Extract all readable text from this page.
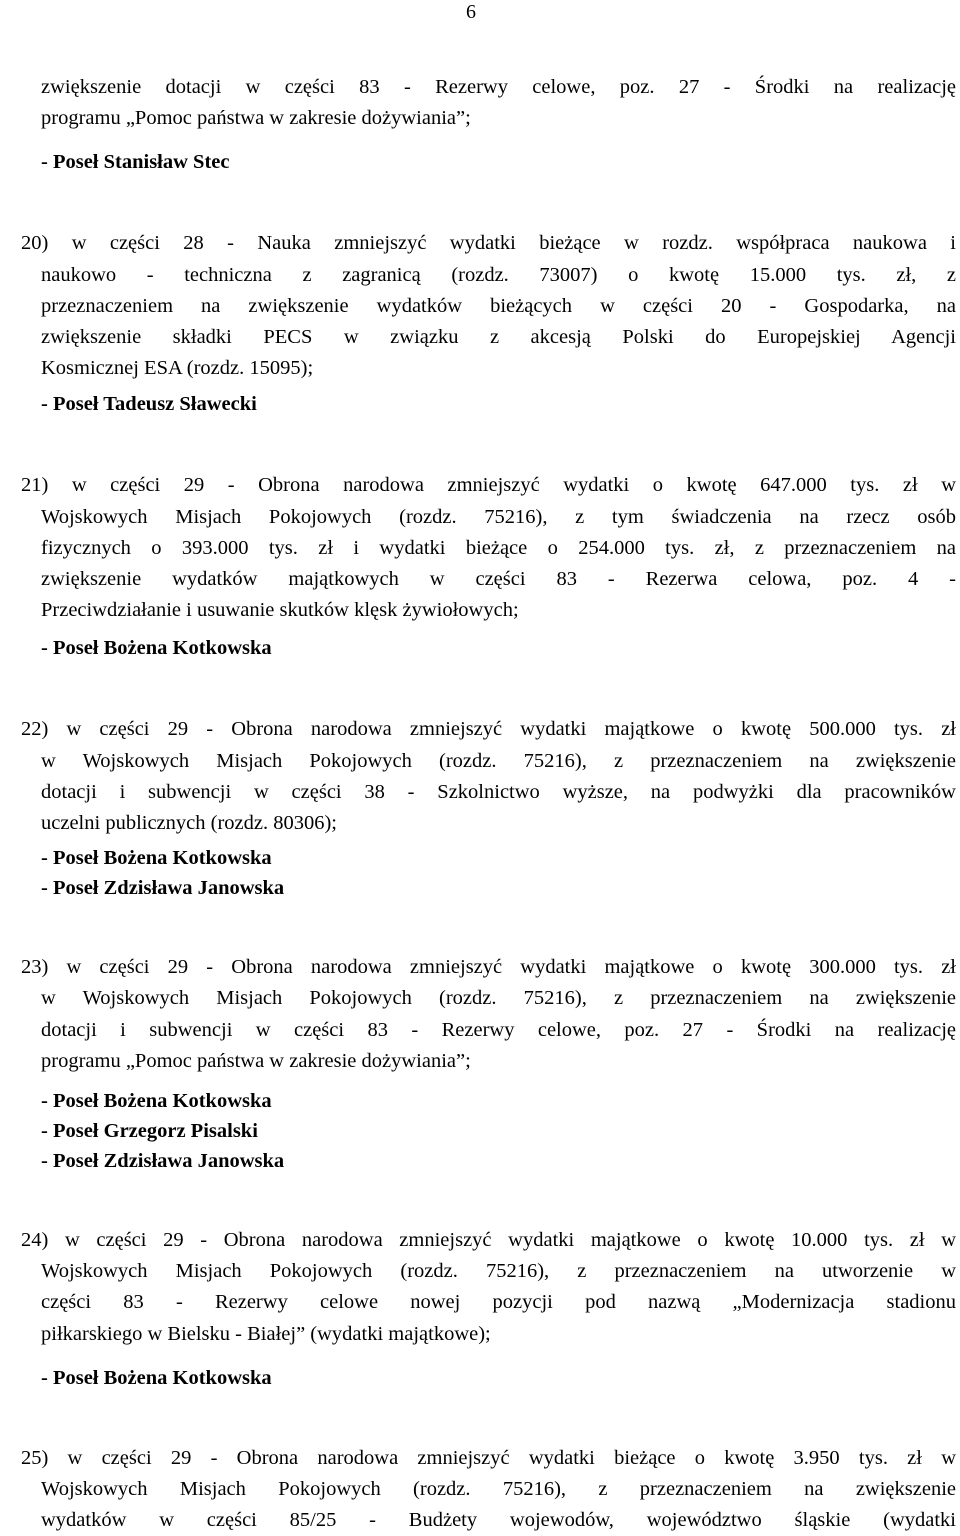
6
zwiększenie dotacji w części 83 - Rezerwy celowe, poz. 27 - Środki na realizację
programu „Pomoc państwa w zakresie dożywiania”;
- Poseł Stanisław Stec
20) w części 28 - Nauka zmniejszyć wydatki bieżące w rozdz. współpraca naukowa i
naukowo - techniczna z zagranicą (rozdz. 73007) o kwotę 15.000 tys. zł, z
przeznaczeniem na zwiększenie wydatków bieżących w części 20 - Gospodarka, na
zwiększenie składki PECS w związku z akcesją Polski do Europejskiej Agencji
Kosmicznej ESA (rozdz. 15095);
- Poseł Tadeusz Sławecki
21) w części 29 - Obrona narodowa zmniejszyć wydatki o kwotę 647.000 tys. zł w
Wojskowych Misjach Pokojowych (rozdz. 75216), z tym świadczenia na rzecz osób
fizycznych o 393.000 tys. zł i wydatki bieżące o 254.000 tys. zł, z przeznaczeniem na
zwiększenie wydatków majątkowych w części 83 - Rezerwa celowa, poz. 4 -
Przeciwdziałanie i usuwanie skutków klęsk żywiołowych;
- Poseł Bożena Kotkowska
22) w części 29 - Obrona narodowa zmniejszyć wydatki majątkowe o kwotę 500.000 tys. zł
w Wojskowych Misjach Pokojowych (rozdz. 75216), z przeznaczeniem na zwiększenie
dotacji i subwencji w części 38 - Szkolnictwo wyższe, na podwyżki dla pracowników
uczelni publicznych (rozdz. 80306);
- Poseł Bożena Kotkowska
- Poseł Zdzisława Janowska
23) w części 29 - Obrona narodowa zmniejszyć wydatki majątkowe o kwotę 300.000 tys. zł
w Wojskowych Misjach Pokojowych (rozdz. 75216), z przeznaczeniem na zwiększenie
dotacji i subwencji w części 83 - Rezerwy celowe, poz. 27 - Środki na realizację
programu „Pomoc państwa w zakresie dożywiania”;
- Poseł Bożena Kotkowska
- Poseł Grzegorz Pisalski
- Poseł Zdzisława Janowska
24) w części 29 - Obrona narodowa zmniejszyć wydatki majątkowe o kwotę 10.000 tys. zł w
Wojskowych Misjach Pokojowych (rozdz. 75216), z przeznaczeniem na utworzenie w
części 83 - Rezerwy celowe nowej pozycji pod nazwą „Modernizacja stadionu
piłkarskiego w Bielsku - Białej” (wydatki majątkowe);
- Poseł Bożena Kotkowska
25) w części 29 - Obrona narodowa zmniejszyć wydatki bieżące o kwotę 3.950 tys. zł w
Wojskowych Misjach Pokojowych (rozdz. 75216), z przeznaczeniem na zwiększenie
wydatków w części 85/25 - Budżety wojewodów, województwo śląskie (wydatki
